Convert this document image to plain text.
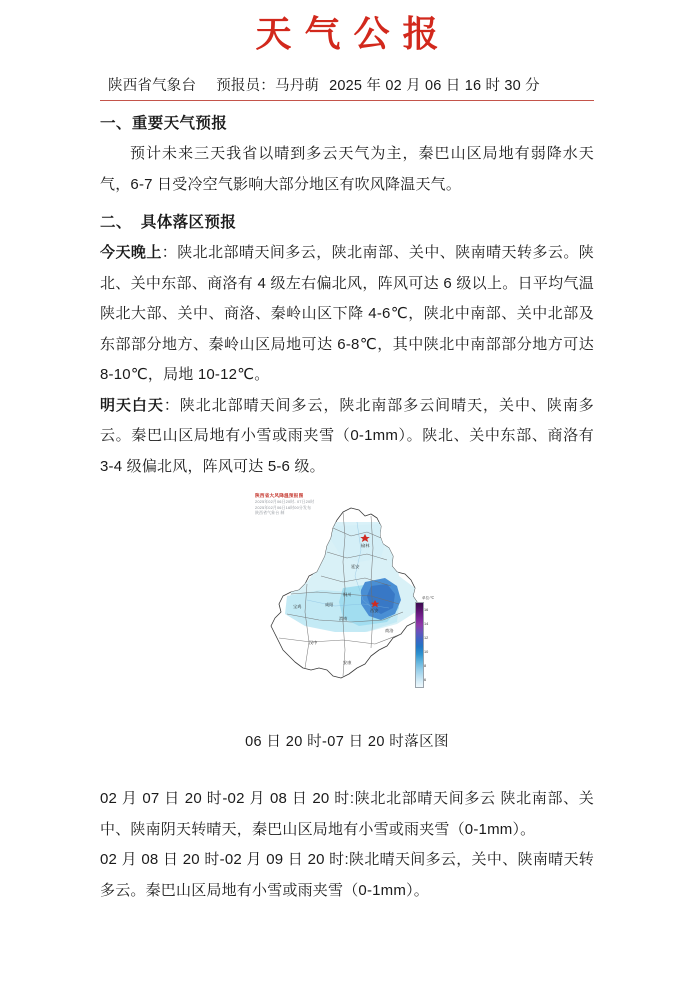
天气公报
陕西省气象台 预报员：马丹萌 2025 年 02 月 06 日 16 时 30 分
一、重要天气预报

预计未来三天我省以晴到多云天气为主，秦巴山区局地有弱降水天气，6-7 日受冷空气影响大部分地区有吹风降温天气。

二、 具体落区预报

今天晚上：陕北北部晴天间多云，陕北南部、关中、陕南晴天转多云。陕北、关中东部、商洛有 4 级左右偏北风，阵风可达 6 级以上。日平均气温陕北大部、关中、商洛、秦岭山区下降 4-6℃，陕北中南部、关中北部及东部部分地方、秦岭山区局地可达 6-8℃，其中陕北中南部部分地方可达 8-10℃，局地 10-12℃。

明天白天：陕北北部晴天间多云，陕北南部多云间晴天，关中、陕南多云。秦巴山区局地有小雪或雨夹雪（0-1mm）。陕北、关中东部、商洛有 3-4 级偏北风，阵风可达 5-6 级。

陕西省大风降温预报图
2025年02月06日20时- 07日20时
2025年02月06日16时00分发布
陕西省气象台 制
榆林
延安
铜川
宝鸡	咸阳
西安
渭南
商洛
汉中
安康
单位:℃
16
14
12
10
8
6
06 日 20 时-07 日 20 时落区图

02 月 07 日 20 时-02 月 08 日 20 时:陕北北部晴天间多云 陕北南部、关中、陕南阴天转晴天，秦巴山区局地有小雪或雨夹雪（0-1mm）。

02 月 08 日 20 时-02 月 09 日 20 时:陕北晴天间多云，关中、陕南晴天转多云。秦巴山区局地有小雪或雨夹雪（0-1mm）。
